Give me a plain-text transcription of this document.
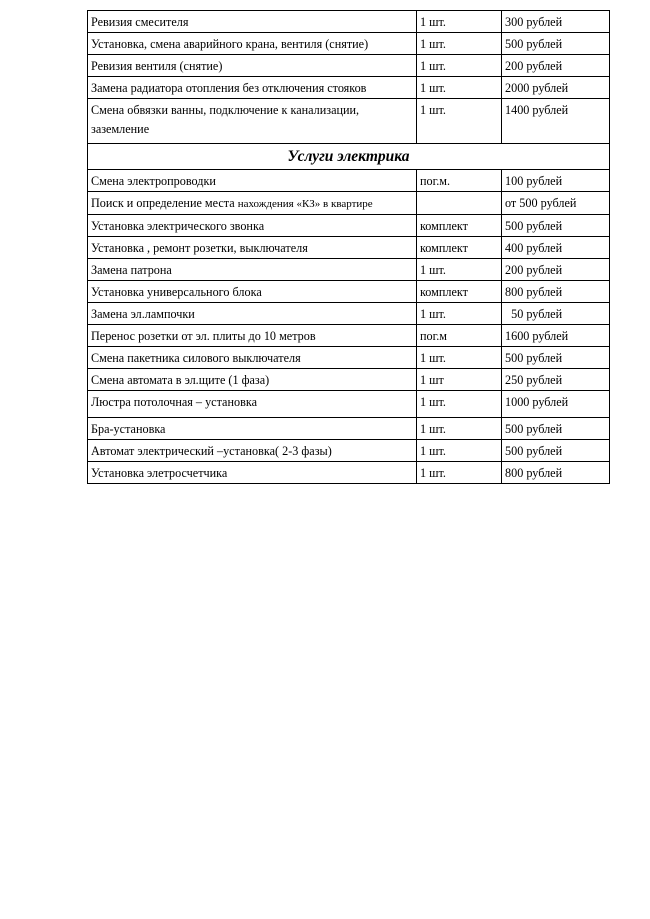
Ревизия смесителя	1 шт.	300 рублей

Установка, смена аварийного крана, вентиля (снятие)	1 шт.	500 рублей

Ревизия вентиля (снятие)	1 шт.	200 рублей

Замена радиатора отопления без отключения стояков	1 шт.	2000 рублей

Смена обвязки ванны, подключение к канализации,
заземление	1 шт.	1400 рублей

Услуги электрика		

Смена электропроводки	пог.м.	100 рублей

Поиск и определение места нахождения «КЗ» в квартире		от 500 рублей

Установка электрического звонка	комплект	500 рублей

Установка , ремонт розетки, выключателя	комплект	400 рублей

Замена патрона	1 шт.	200 рублей

Установка универсального блока	комплект	800 рублей

Замена эл.лампочки	1 шт.	50 рублей

Перенос розетки от эл. плиты до 10 метров	пог.м	1600 рублей

Смена пакетника силового выключателя	1 шт.	500 рублей

Смена автомата в эл.щите (1 фаза)	1 шт	250 рублей

Люстра потолочная – установка	1 шт.	1000 рублей

Бра-установка	1 шт.	500 рублей

Автомат электрический –установка( 2-3 фазы)	1 шт.	500 рублей

Установка элетросчетчика	1 шт.	800 рублей
